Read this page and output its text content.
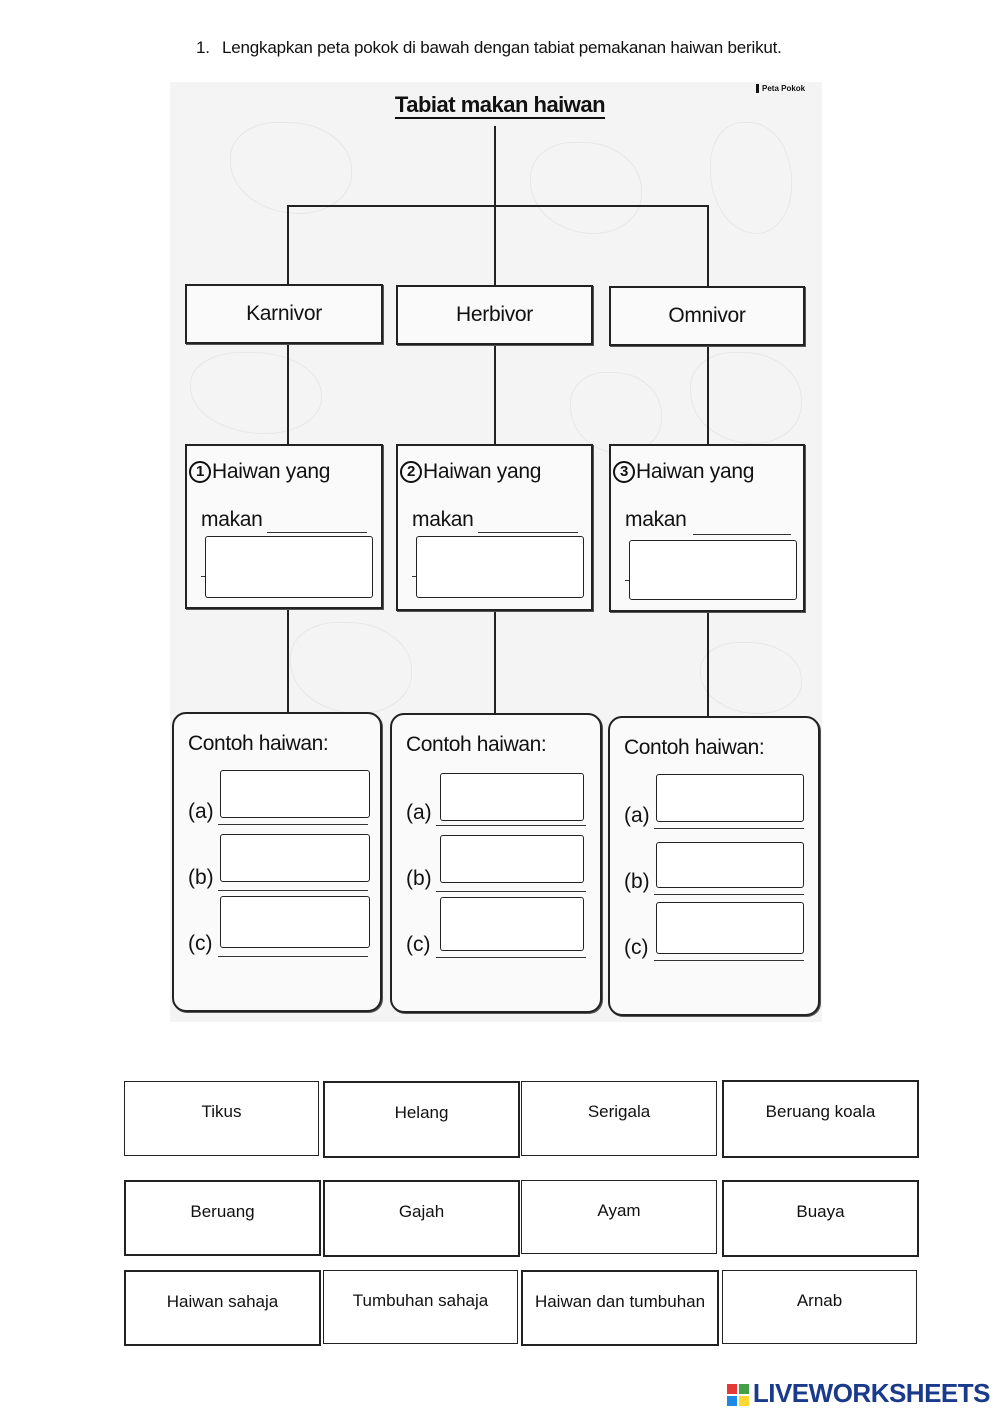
1. Lengkapkan peta pokok di bawah dengan tabiat pemakanan haiwan berikut.
Tabiat makan haiwan
Peta Pokok
Karnivor	Herbivor	Omnivor
1 Haiwan yang
makan
2 Haiwan yang
makan
3 Haiwan yang
makan
Contoh haiwan:
(a)
(b)
(c)
Contoh haiwan:
(a)
(b)
(c)
Contoh haiwan:
(a)
(b)
(c)
Tikus	Helang	Serigala	Beruang koala
Beruang	Gajah	Ayam	Buaya
Haiwan sahaja	Tumbuhan sahaja	Haiwan dan tumbuhan	Arnab
LIVEWORKSHEETS
